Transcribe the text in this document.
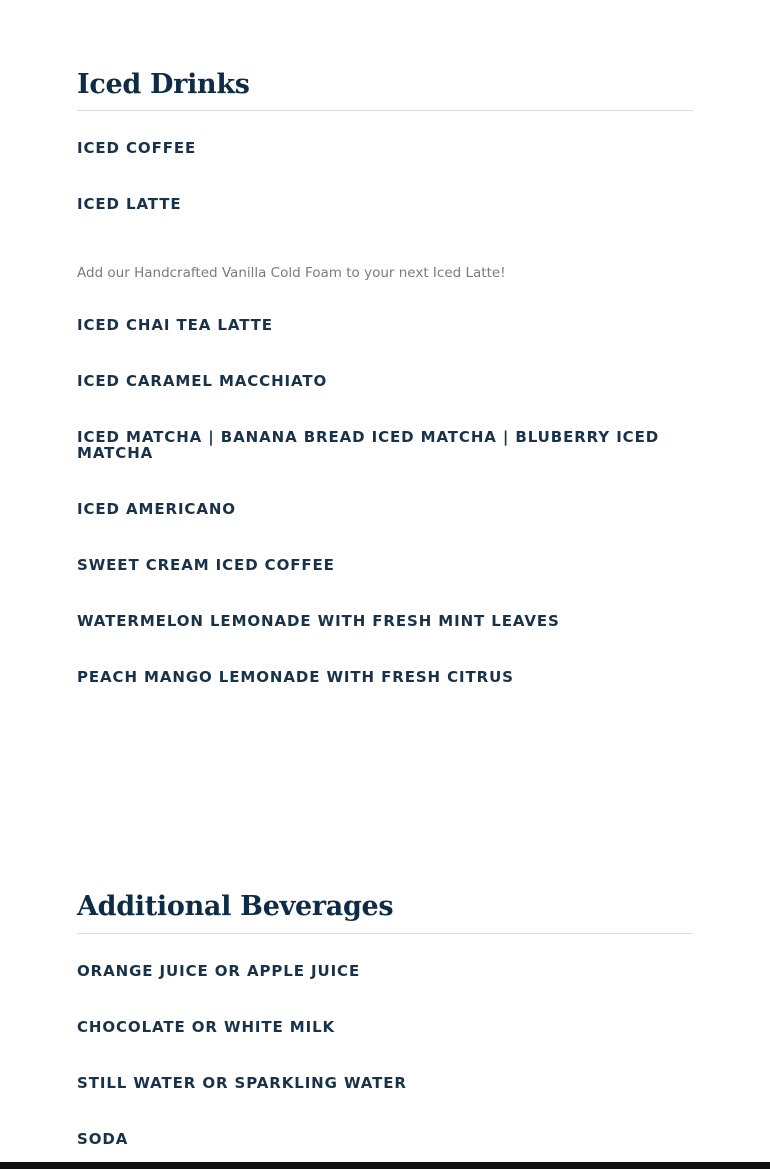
Iced Drinks
ICED COFFEE
ICED LATTE

Add our Handcrafted Vanilla Cold Foam to your next Iced Latte!

ICED CHAI TEA LATTE
ICED CARAMEL MACCHIATO
ICED MATCHA | BANANA BREAD ICED MATCHA | BLUBERRY ICED MATCHA
ICED AMERICANO
SWEET CREAM ICED COFFEE
WATERMELON LEMONADE WITH FRESH MINT LEAVES
PEACH MANGO LEMONADE WITH FRESH CITRUS
Additional Beverages
ORANGE JUICE OR APPLE JUICE
CHOCOLATE OR WHITE MILK
STILL WATER OR SPARKLING WATER
SODA
